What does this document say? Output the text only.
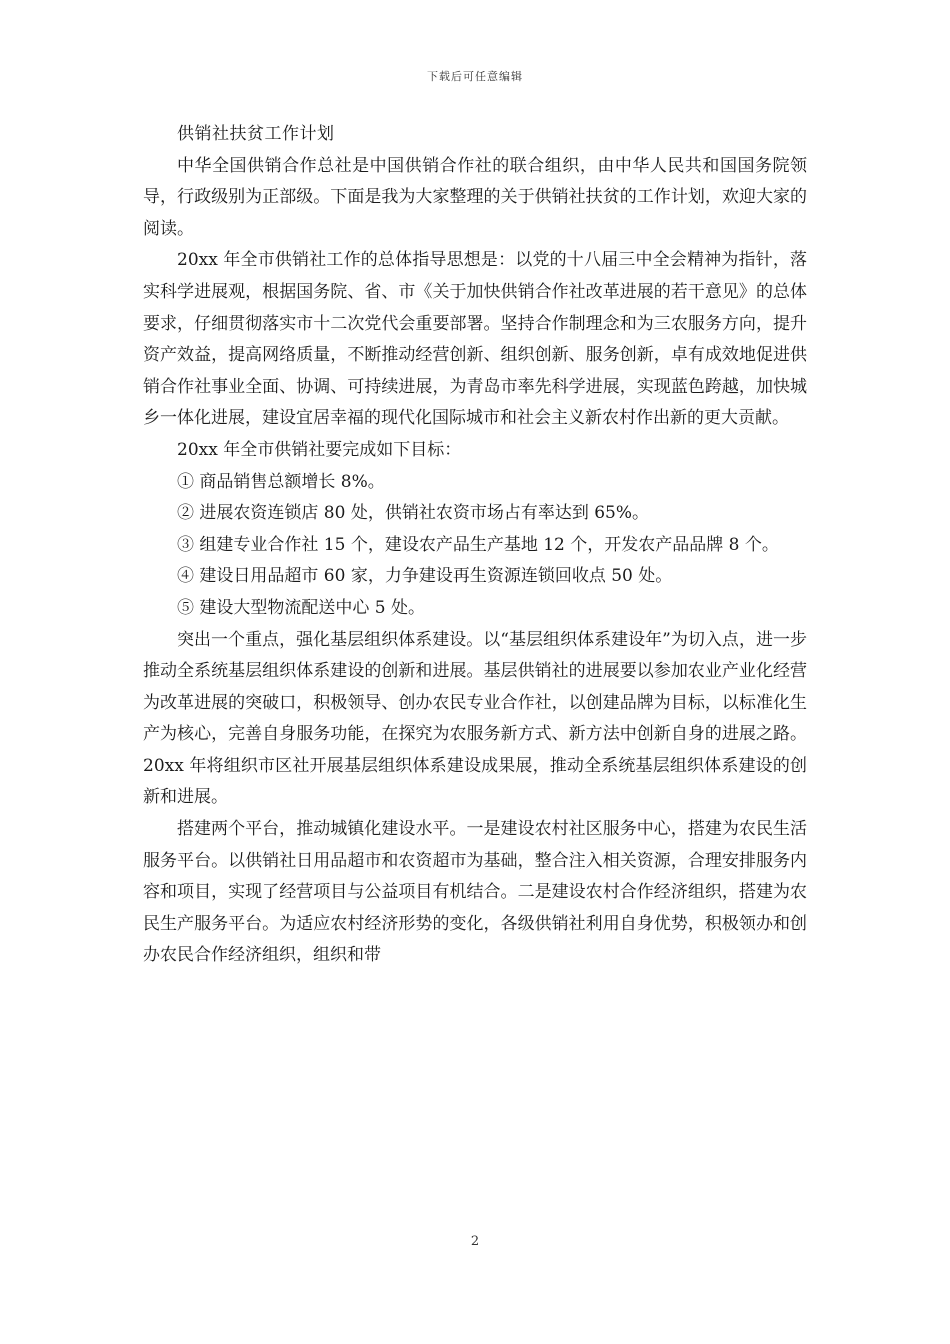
下载后可任意编辑

供销社扶贫工作计划

中华全国供销合作总社是中国供销合作社的联合组织，由中华人民共和国国务院领导，行政级别为正部级。下面是我为大家整理的关于供销社扶贫的工作计划，欢迎大家的阅读。

20xx 年全市供销社工作的总体指导思想是：以党的十八届三中全会精神为指针，落实科学进展观，根据国务院、省、市《关于加快供销合作社改革进展的若干意见》的总体要求，仔细贯彻落实市十二次党代会重要部署。坚持合作制理念和为三农服务方向，提升资产效益，提高网络质量，不断推动经营创新、组织创新、服务创新，卓有成效地促进供销合作社事业全面、协调、可持续进展，为青岛市率先科学进展，实现蓝色跨越，加快城乡一体化进展，建设宜居幸福的现代化国际城市和社会主义新农村作出新的更大贡献。

20xx 年全市供销社要完成如下目标：

① 商品销售总额增长 8%。

② 进展农资连锁店 80 处，供销社农资市场占有率达到 65%。

③ 组建专业合作社 15 个，建设农产品生产基地 12 个，开发农产品品牌 8 个。

④ 建设日用品超市 60 家，力争建设再生资源连锁回收点 50 处。

⑤ 建设大型物流配送中心 5 处。

突出一个重点，强化基层组织体系建设。以“基层组织体系建设年”为切入点，进一步推动全系统基层组织体系建设的创新和进展。基层供销社的进展要以参加农业产业化经营为改革进展的突破口，积极领导、创办农民专业合作社，以创建品牌为目标，以标准化生产为核心，完善自身服务功能，在探究为农服务新方式、新方法中创新自身的进展之路。20xx 年将组织市区社开展基层组织体系建设成果展，推动全系统基层组织体系建设的创新和进展。

搭建两个平台，推动城镇化建设水平。一是建设农村社区服务中心，搭建为农民生活服务平台。以供销社日用品超市和农资超市为基础，整合注入相关资源，合理安排服务内容和项目，实现了经营项目与公益项目有机结合。二是建设农村合作经济组织，搭建为农民生产服务平台。为适应农村经济形势的变化，各级供销社利用自身优势，积极领办和创办农民合作经济组织，组织和带

2
